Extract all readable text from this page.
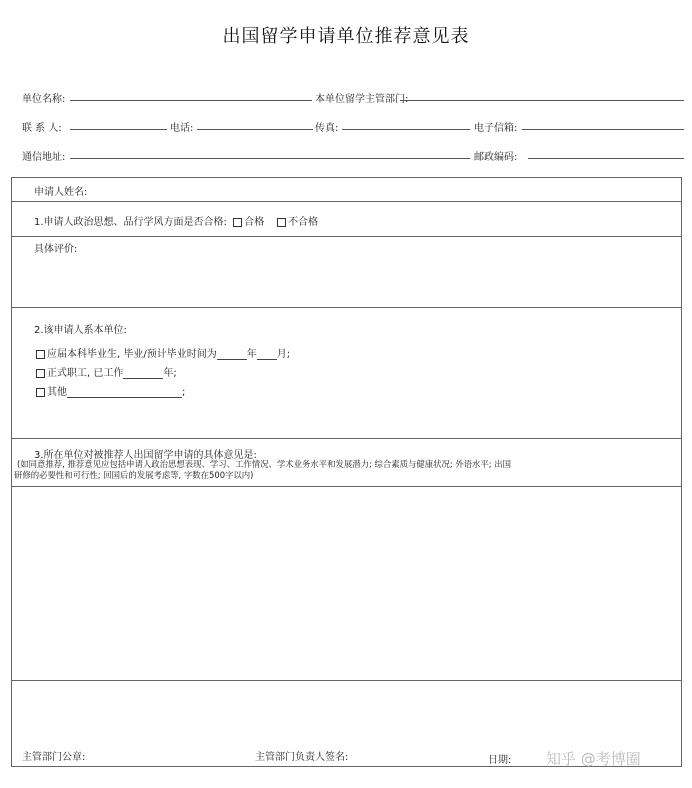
出国留学申请单位推荐意见表
单位名称:	本单位留学主管部门:
联 系 人:	电话:	传真:	电子信箱:
通信地址:	邮政编码:
申请人姓名:
1.申请人政治思想、品行学风方面是否合格: 合格 不合格
具体评价:
2.该申请人系本单位:
应届本科毕业生, 毕业/预计毕业时间为	年 月;
正式职工, 已工作	年;
其他	;
3.所在单位对被推荐人出国留学申请的具体意见是:
(如同意推荐, 推荐意见应包括申请人政治思想表现、学习、工作情况、学术业务水平和发展潜力; 综合素质与健康状况; 外语水平; 出国
研修的必要性和可行性; 回国后的发展考虑等, 字数在500字以内)
主管部门公章:	主管部门负责人签名:	日期: 知乎 @考博圈
